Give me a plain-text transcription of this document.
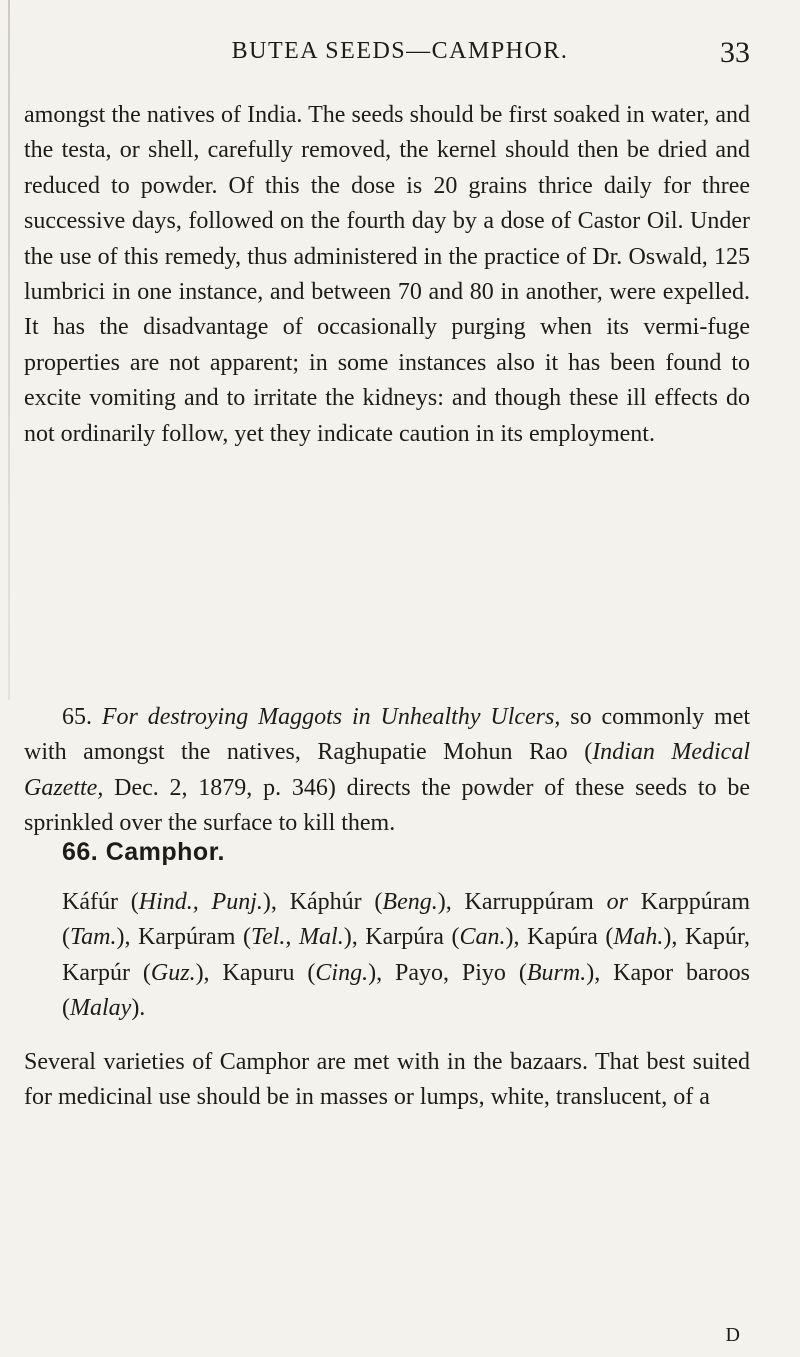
BUTEA SEEDS—CAMPHOR.	33

amongst the natives of India. The seeds should be first soaked in water, and the testa, or shell, carefully removed, the kernel should then be dried and reduced to powder. Of this the dose is 20 grains thrice daily for three successive days, followed on the fourth day by a dose of Castor Oil. Under the use of this remedy, thus administered in the practice of Dr. Oswald, 125 lumbrici in one instance, and between 70 and 80 in another, were expelled. It has the disadvantage of occasionally purging when its vermi-fuge properties are not apparent; in some instances also it has been found to excite vomiting and to irritate the kidneys: and though these ill effects do not ordinarily follow, yet they indicate caution in its employment.

65. For destroying Maggots in Unhealthy Ulcers, so commonly met with amongst the natives, Raghupatie Mohun Rao (Indian Medical Gazette, Dec. 2, 1879, p. 346) directs the powder of these seeds to be sprinkled over the surface to kill them.

66. Camphor.

Káfúr (Hind., Punj.), Káphúr (Beng.), Karruppúram or Karppúram (Tam.), Karpúram (Tel., Mal.), Karpúra (Can.), Kapúra (Mah.), Kapúr, Karpúr (Guz.), Kapuru (Cing.), Payo, Piyo (Burm.), Kapor baroos (Malay).

Several varieties of Camphor are met with in the bazaars. That best suited for medicinal use should be in masses or lumps, white, translucent, of a

D
